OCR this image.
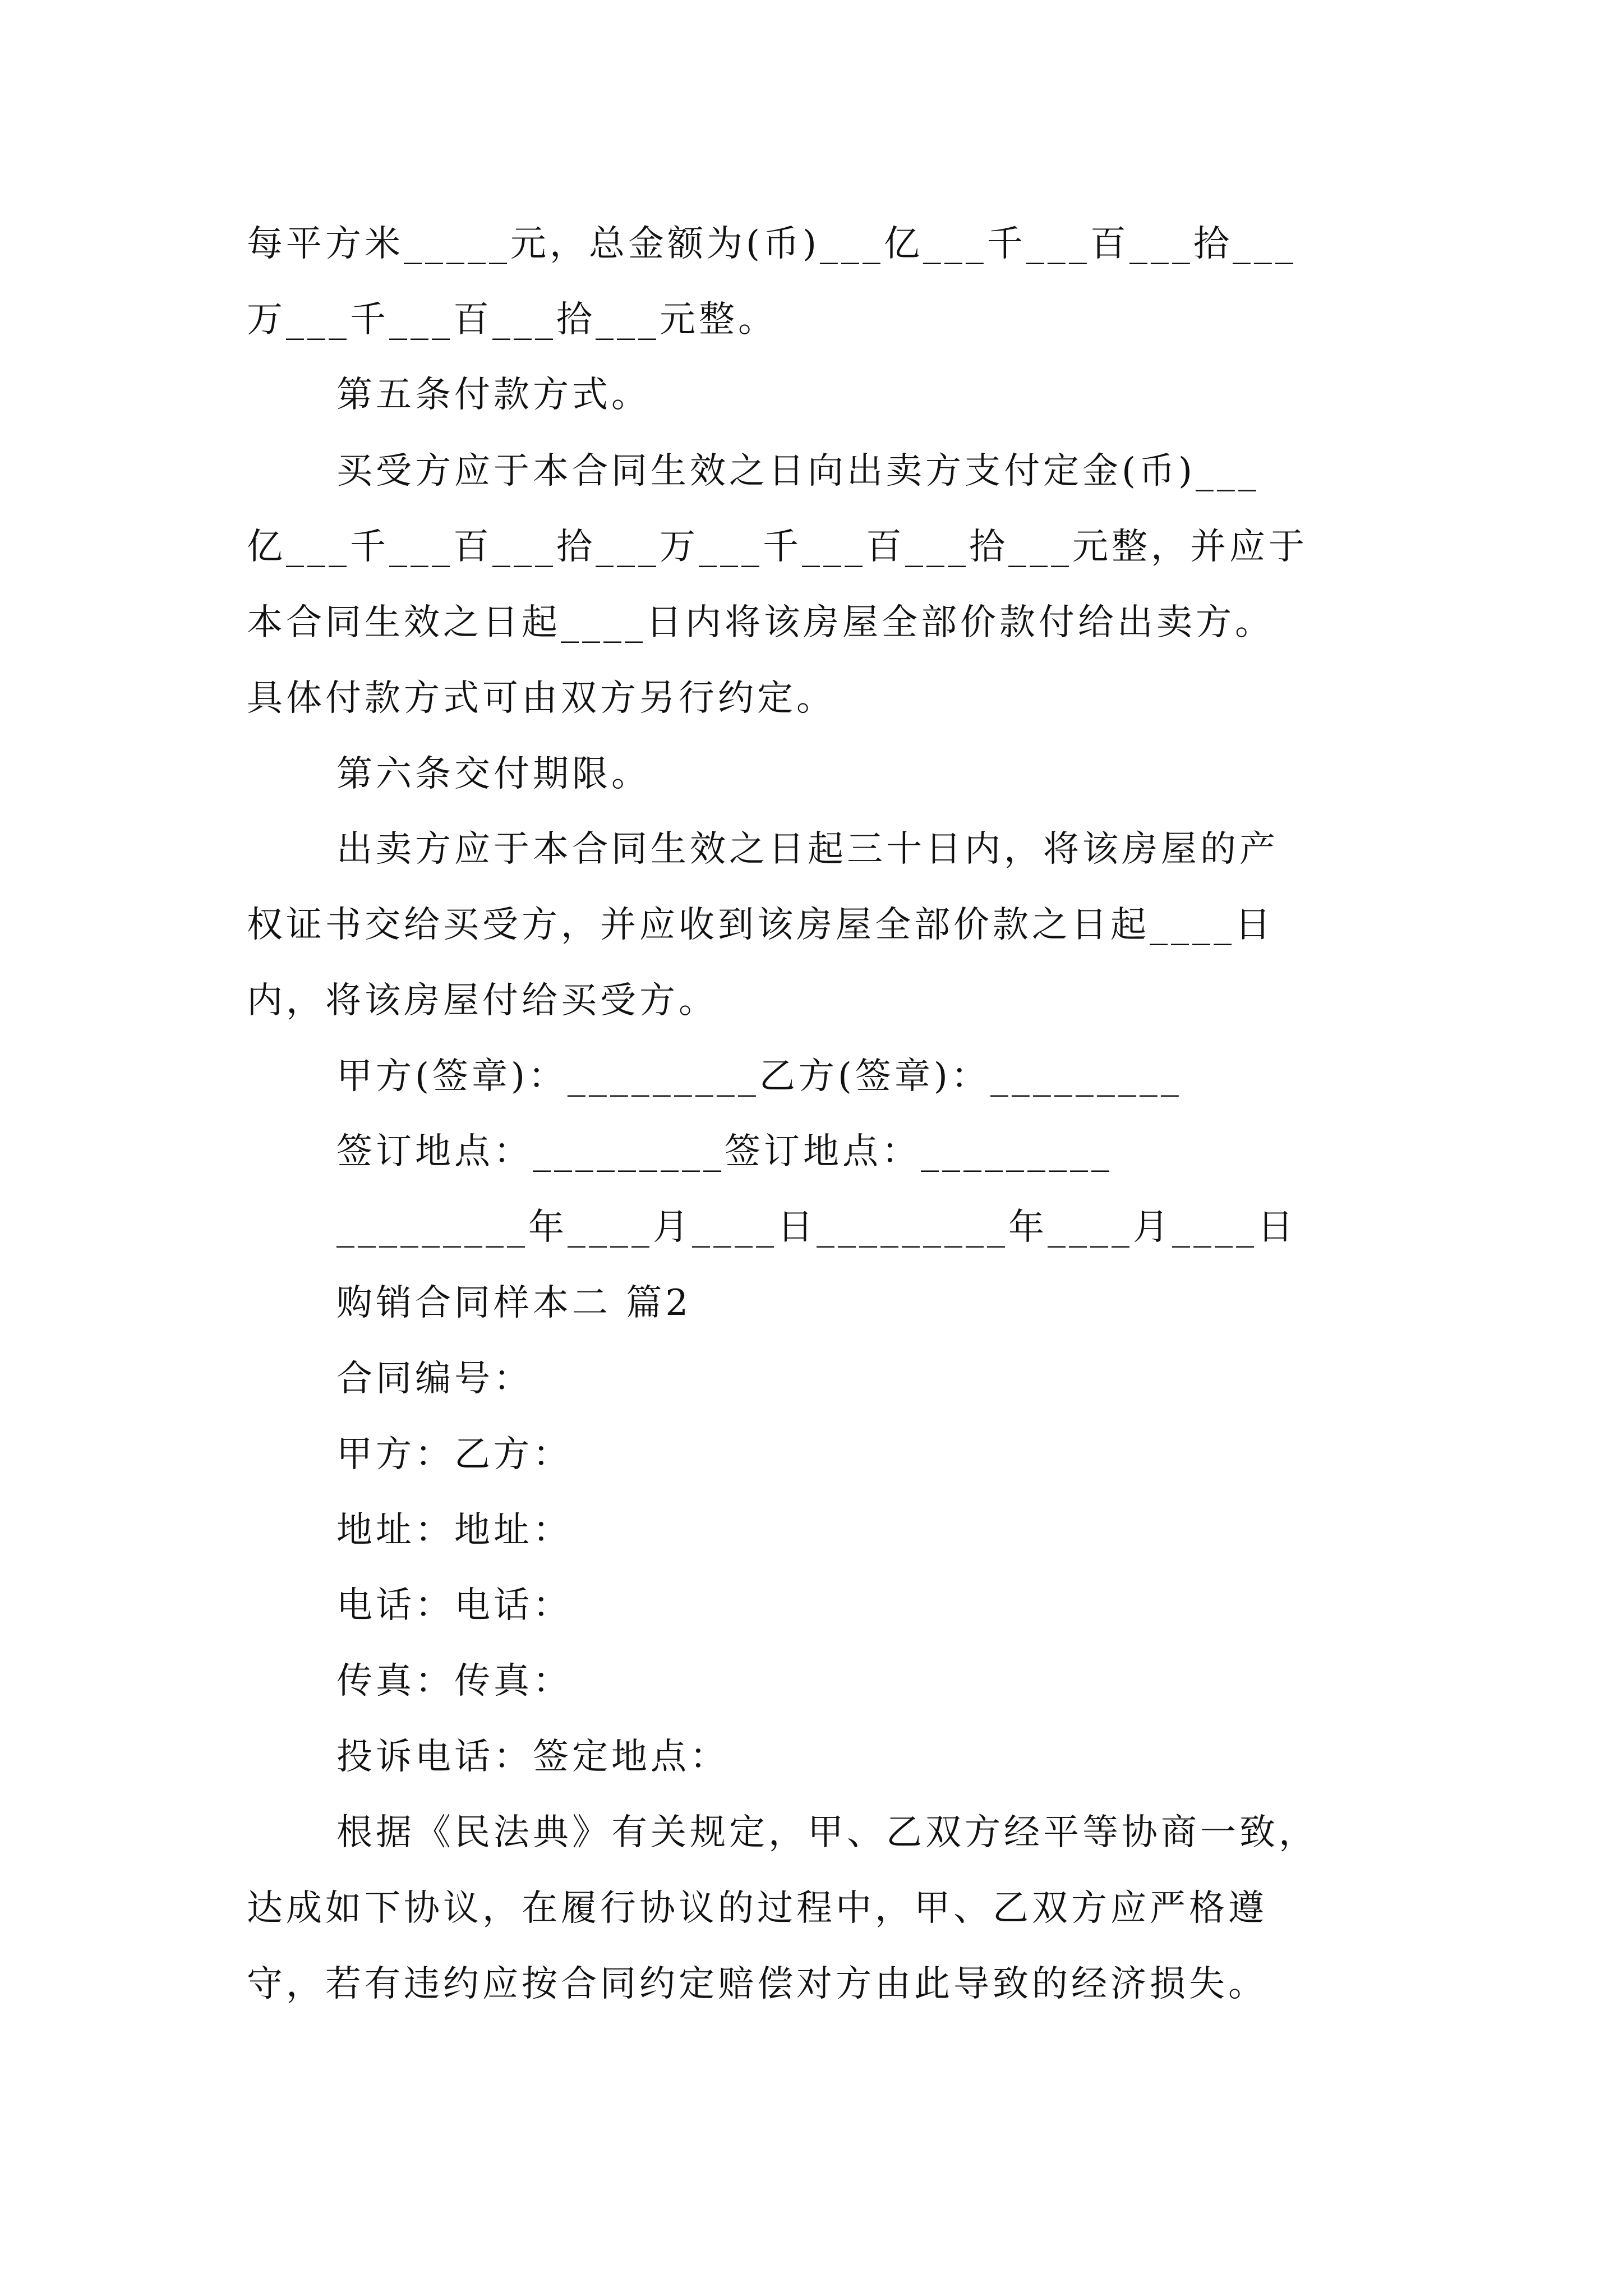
每平方米_____元，总金额为(币)___亿___千___百___拾___
万___千___百___拾___元整。
第五条付款方式。
买受方应于本合同生效之日向出卖方支付定金(币)___
亿___千___百___拾___万___千___百___拾___元整，并应于
本合同生效之日起____日内将该房屋全部价款付给出卖方。
具体付款方式可由双方另行约定。
第六条交付期限。
出卖方应于本合同生效之日起三十日内，将该房屋的产
权证书交给买受方，并应收到该房屋全部价款之日起____日
内，将该房屋付给买受方。
甲方(签章)：_________乙方(签章)：_________
签订地点：_________签订地点：_________
_________年____月____日_________年____月____日
购销合同样本二 篇2
合同编号：
甲方：乙方：
地址：地址：
电话：电话：
传真：传真：
投诉电话：签定地点：
根据《民法典》有关规定，甲、乙双方经平等协商一致，
达成如下协议，在履行协议的过程中，甲、乙双方应严格遵
守，若有违约应按合同约定赔偿对方由此导致的经济损失。
